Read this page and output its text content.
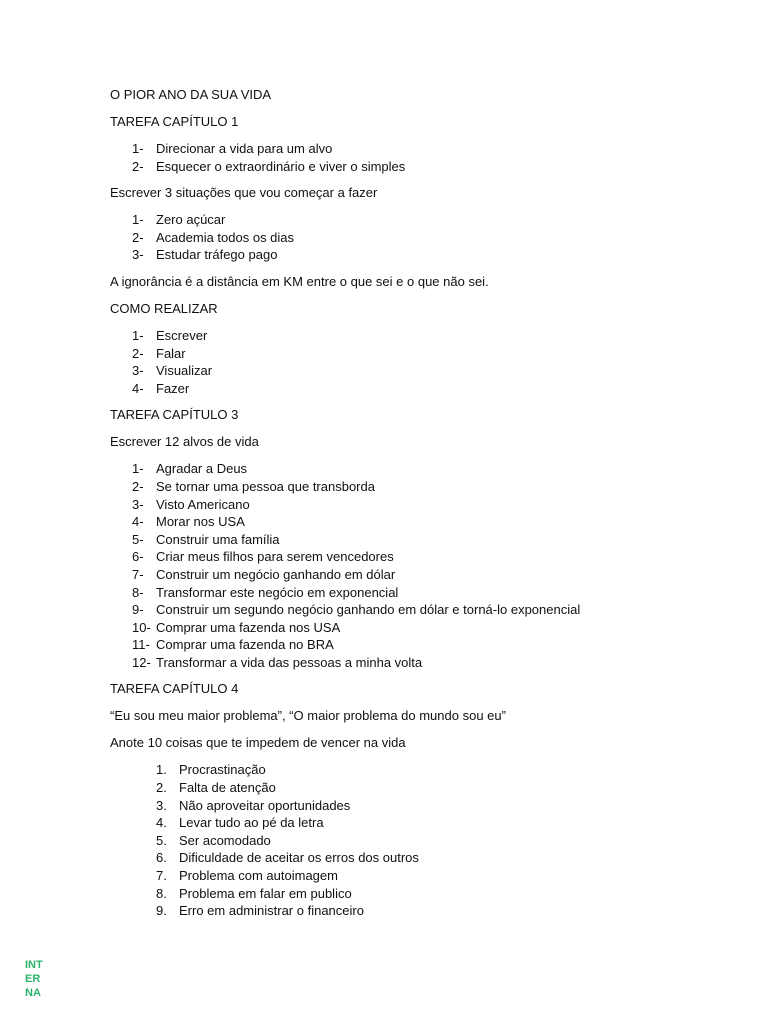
O PIOR ANO DA SUA VIDA

TAREFA CAPÍTULO 1

1- Direcionar a vida para um alvo
2- Esquecer o extraordinário e viver o simples

Escrever 3 situações que vou começar a fazer

1- Zero açúcar
2- Academia todos os dias
3- Estudar tráfego pago

A ignorância é a distância em KM entre o que sei e o que não sei.

COMO REALIZAR

1- Escrever
2- Falar
3- Visualizar
4- Fazer

TAREFA CAPÍTULO 3

Escrever 12 alvos de vida

1- Agradar a Deus
2- Se tornar uma pessoa que transborda
3- Visto Americano
4- Morar nos USA
5- Construir uma família
6- Criar meus filhos para serem vencedores
7- Construir um negócio ganhando em dólar
8- Transformar este negócio em exponencial
9- Construir um segundo negócio ganhando em dólar e torná-lo exponencial
10- Comprar uma fazenda nos USA
11- Comprar uma fazenda no BRA
12- Transformar a vida das pessoas a minha volta

TAREFA CAPÍTULO 4

“Eu sou meu maior problema”, “O maior problema do mundo sou eu”

Anote 10 coisas que te impedem de vencer na vida

1. Procrastinação
2. Falta de atenção
3. Não aproveitar oportunidades
4. Levar tudo ao pé da letra
5. Ser acomodado
6. Dificuldade de aceitar os erros dos outros
7. Problema com autoimagem
8. Problema em falar em publico
9. Erro em administrar o financeiro
INT
ER
NA
